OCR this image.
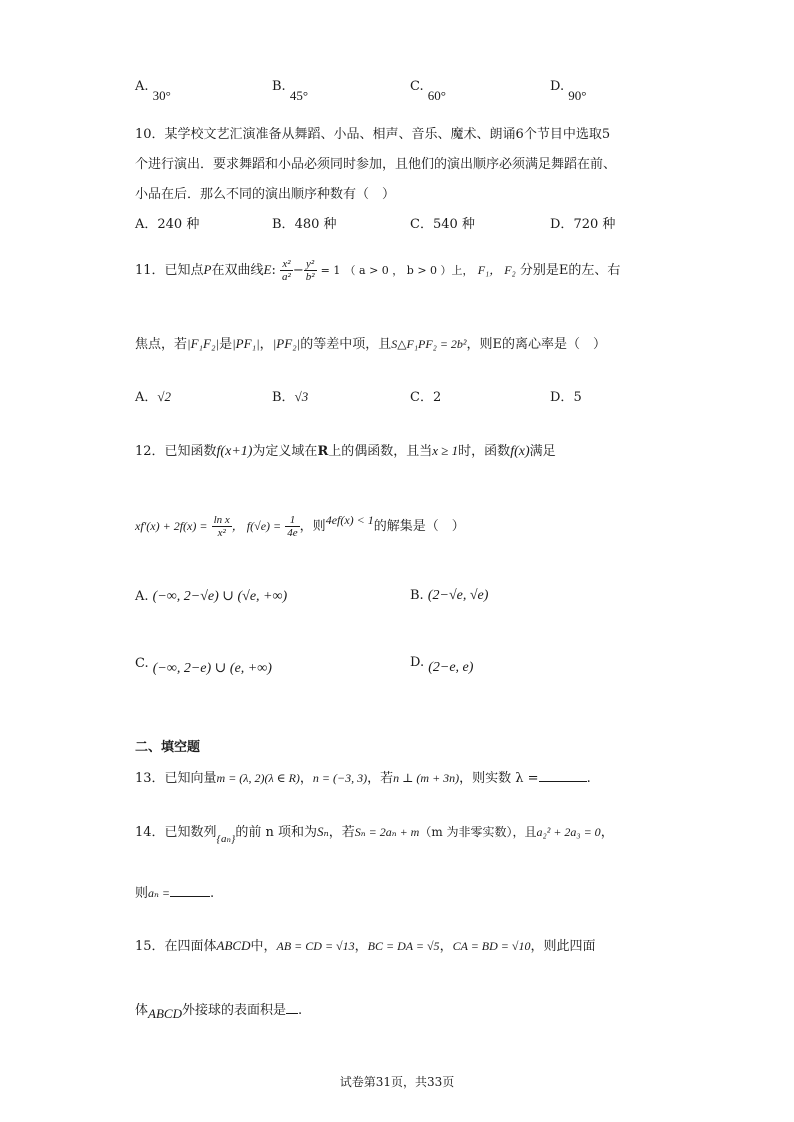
A. 30°
B. 45°
C. 60°
D. 90°
10．某学校文艺汇演准备从舞蹈、小品、相声、音乐、魔术、朗诵6个节目中选取5
个进行演出．要求舞蹈和小品必须同时参加，且他们的演出顺序必须满足舞蹈在前、
小品在后．那么不同的演出顺序种数有（　）
A．240 种	B．480 种	C．540 种	D．720 种
11．已知点P在双曲线E: $\frac{\text{x²}}{\text{a²}} - \frac{\text{y²}}{\text{b²}} = 1$ （ a > 0 ， b > 0 ）上， F₁， F₂ 分别是E的左、右
焦点，若|F₁F₂|是|PF₁|，|PF₂|的等差中项，且S△F₁PF₂ = 2b²，则E的离心率是（　）
A．√2	B．√3	C．2	D．5
12．已知函数f(x+1)为定义域在R上的偶函数，且当x ≥ 1时，函数f(x)满足
$xf'(x) + 2f(x) = \frac{\text{ln x}}{\text{x²}}$ ， $f(√e) = \frac{1}{4e}$ ，则4ef(x) < 1的解集是（　）
A. (−∞, 2−√e) ∪ (√e, +∞)	B. (2−√e, √e)
C. (−∞, 2−e) ∪ (e, +∞)	D. (2−e, e)
二、填空题
13．已知向量m = (λ, 2)(λ ∈ R)，n = (−3, 3)，若n ⊥ (m + 3n)，则实数 λ =	.
14．已知数列$_{\{a_n\}}$的前 n 项和为Sₙ，若Sₙ = 2aₙ + m（m 为非零实数），且a₂² + 2a₃ = 0，
则aₙ =	.
15．在四面体ABCD中，AB = CD = √13，BC = DA = √5，CA = BD = √10，则此四面
体ABCD外接球的表面积是 .
试卷第31页，共33页
